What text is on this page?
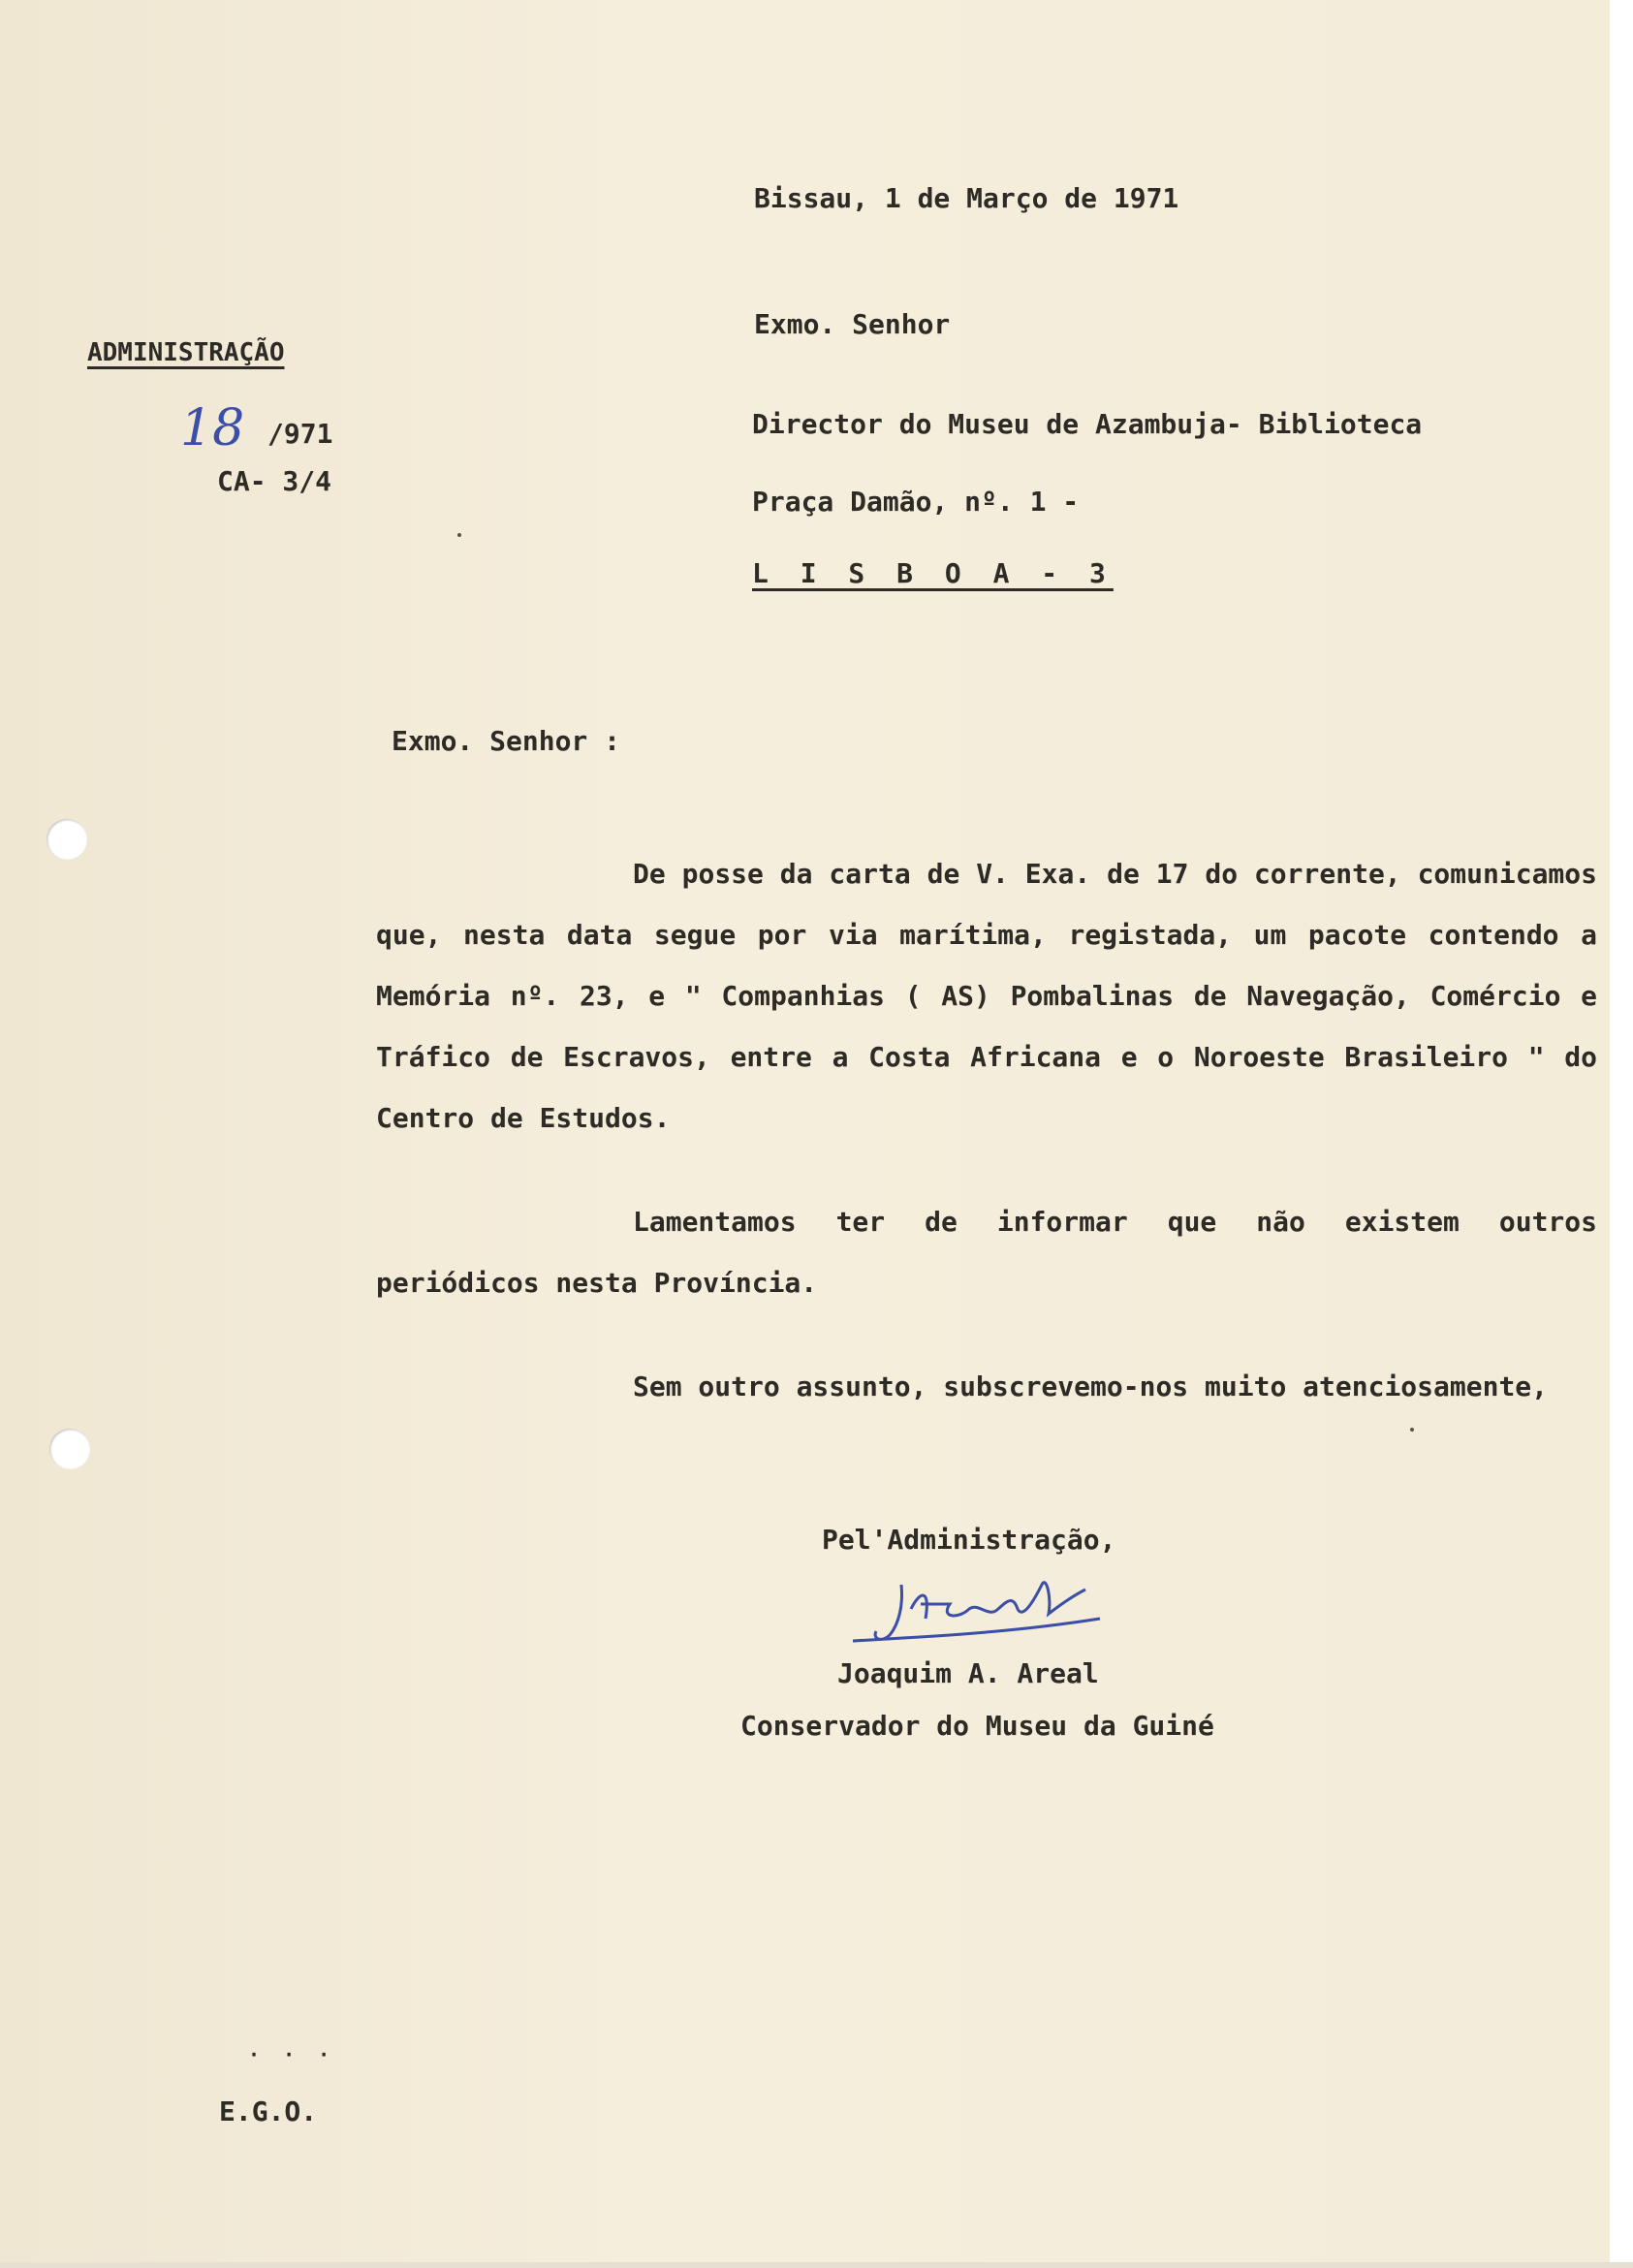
Bissau, 1 de Março de 1971
Exmo. Senhor
Director do Museu de Azambuja- Biblioteca
Praça Damão, nº. 1 -
L I S B O A - 3
ADMINISTRAÇÃO
18 /971
CA- 3/4
Exmo. Senhor :

De posse da carta de V. Exa. de 17 do corrente, comunicamos que, nesta data segue por via marítima, registada, um pacote contendo a Memória nº. 23, e " Companhias ( AS) Pombalinas de Navegação, Comércio e Tráfico de Escravos, entre a Costa Africana e o Noroeste Brasileiro " do Centro de Estudos.

Lamentamos ter de informar que não existem outros periódicos nesta Província.

Sem outro assunto, subscrevemo-nos muito atenciosamente,

Pel'Administração,
Joaquim A. Areal
Conservador do Museu da Guiné
· · ·
E.G.O.
